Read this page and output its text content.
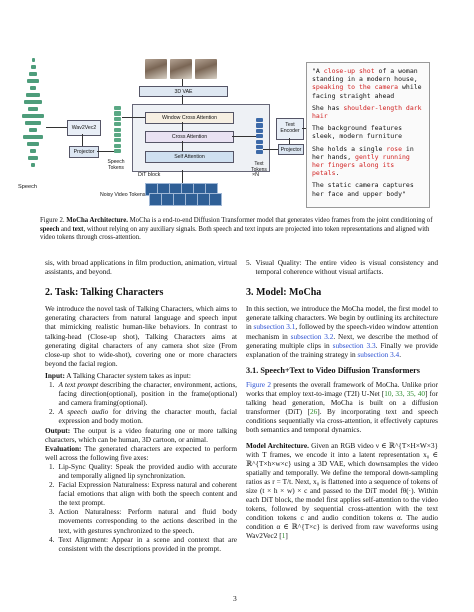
Speech
Wav2Vec2
Projector
Speech
Tokens
3D VAE
Window Cross Attention
Cross Attention
Self Attention
DiT block	×N
Noisy Video Tokens
Text
Tokens
Text
Encoder
Projector

"A close-up shot of a woman standing in a modern house, speaking to the camera while facing straight ahead

She has shoulder-length dark hair

The background features sleek, modern furniture

She holds a single rose in her hands, gently running her fingers along its petals.

The static camera captures her face and upper body"

Figure 2. MoCha Architecture. MoCha is a end-to-end Diffusion Transformer model that generates video frames from the joint conditioning of speech and text, without relying on any auxiliary signals. Both speech and text inputs are projected into token representations and aligned with video tokens through cross-attention.

sis, with broad applications in film production, animation, virtual assistants, and beyond.

2. Task: Talking Characters

We introduce the novel task of Talking Characters, which aims to generating characters from natural language and speech input that mimicking realistic human-like behaviors. In contrast to talking-head (Close-up shot), Talking Characters aims at generating digital characters of any camera shot size (From close-up shot to wide-shot), covering one or more characters beyond the facial region.

Input: A Talking Character system takes as input:

1. A text prompt describing the character, environment, actions, facing direction(optional), position in the frame(optional) and camera framing(optional).
2. A speech audio for driving the character mouth, facial expression and body motion.

Output: The output is a video featuring one or more talking characters, which can be human, 3D cartoon, or animal.

Evaluation: The generated characters are expected to perform well across the following five axes:

1. Lip-Sync Quality: Speak the provided audio with accurate and temporally aligned lip synchronization.
2. Facial Expression Naturalness: Express natural and coherent facial emotions that align with both the speech content and the text prompt.
3. Action Naturalness: Perform natural and fluid body movements corresponding to the actions described in the text, with gestures synchronized to the speech.
4. Text Alignment: Appear in a scene and context that are consistent with the descriptions provided in the prompt.
5. Visual Quality: The entire video is visual consistency and temporal coherence without visual artifacts.
3. Model: MoCha

In this section, we introduce the MoCha model, the first model to generate talking characters. We begin by outlining its architecture in subsection 3.1, followed by the speech-video window attention mechanism in subsection 3.2. Next, we describe the method of generating multiple clips in subsection 3.3. Finally we provide explanation of the training strategy in subsection 3.4.

3.1. Speech+Text to Video Diffusion Transformers

Figure 2 presents the overall framework of MoCha. Unlike prior works that employ text-to-image (T2I) U-Net [10, 33, 35, 40] for talking head generation, MoCha is built on a diffusion transformer (DiT) [26]. By incorporating text and speech conditions sequentially via cross-attention, it effectively captures both semantics and temporal dynamics.

Model Architecture. Given an RGB video ν ∈ ℝ^{T×H×W×3} with T frames, we encode it into a latent representation x₀ ∈ ℝ^{T×h×w×c} using a 3D VAE, which downsamples the video spatially and temporally. We define the temporal down-sampling ratios as r = T/t. Next, x₀ is flattened into a sequence of tokens of size (t × h × w) × c and passed to the DiT model fθ(·). Within each DiT block, the model first applies self-attention to the video tokens, followed by sequential cross-attention with the text condition tokens c and audio condition tokens α. The audio condition α ∈ ℝ^{T×c} is derived from raw waveforms using Wav2Vec2 [1]

3
